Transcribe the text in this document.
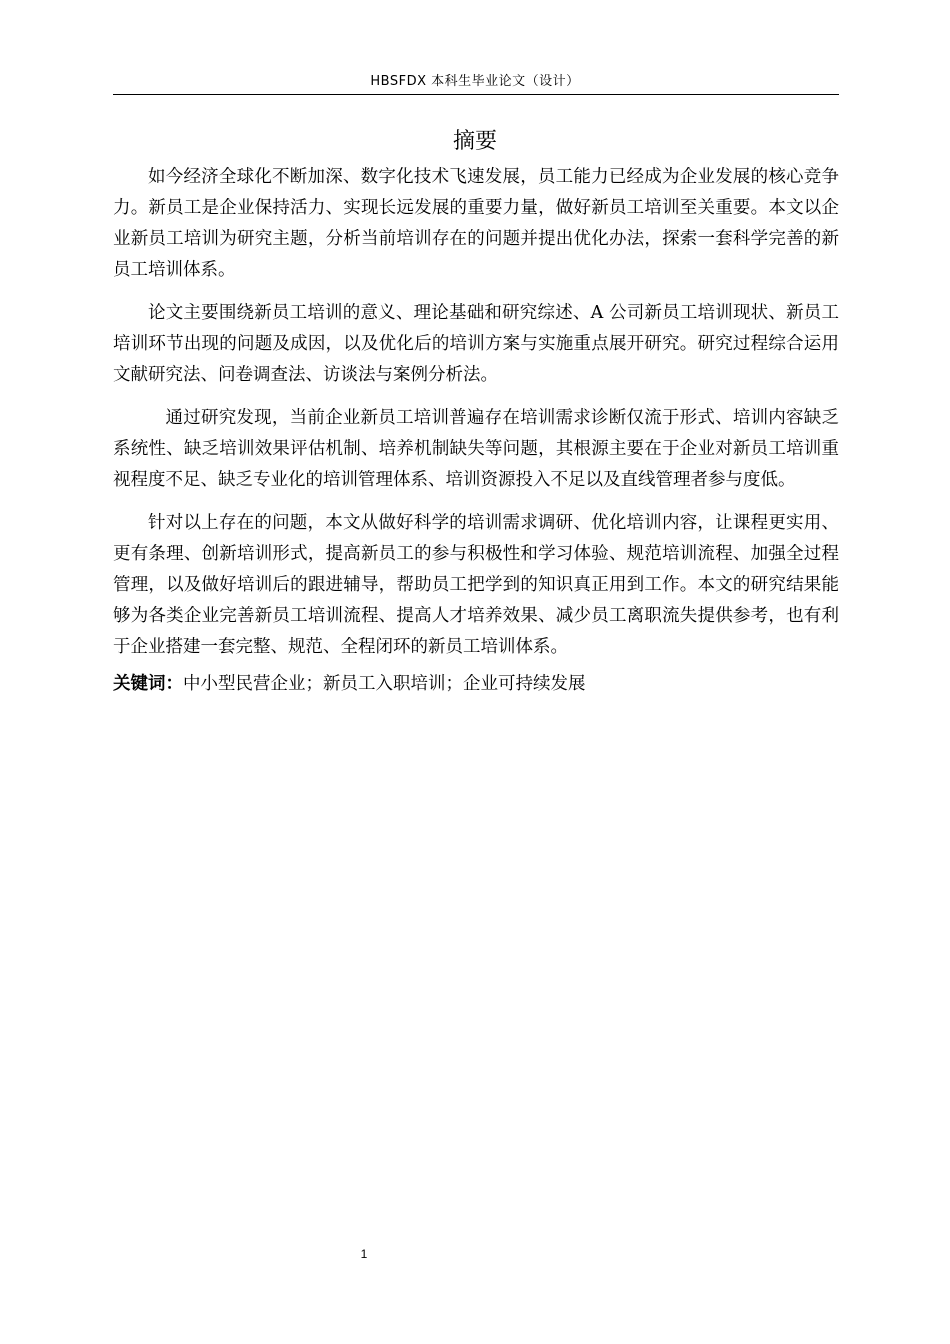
HBSFDX 本科生毕业论文（设计）
摘要

如今经济全球化不断加深、数字化技术飞速发展，员工能力已经成为企业发展的核心竞争力。新员工是企业保持活力、实现长远发展的重要力量，做好新员工培训至关重要。本文以企业新员工培训为研究主题，分析当前培训存在的问题并提出优化办法，探索一套科学完善的新员工培训体系。

论文主要围绕新员工培训的意义、理论基础和研究综述、A 公司新员工培训现状、新员工培训环节出现的问题及成因，以及优化后的培训方案与实施重点展开研究。研究过程综合运用文献研究法、问卷调查法、访谈法与案例分析法。

通过研究发现，当前企业新员工培训普遍存在培训需求诊断仅流于形式、培训内容缺乏系统性、缺乏培训效果评估机制、培养机制缺失等问题，其根源主要在于企业对新员工培训重视程度不足、缺乏专业化的培训管理体系、培训资源投入不足以及直线管理者参与度低。

针对以上存在的问题，本文从做好科学的培训需求调研、优化培训内容，让课程更实用、更有条理、创新培训形式，提高新员工的参与积极性和学习体验、规范培训流程、加强全过程管理，以及做好培训后的跟进辅导，帮助员工把学到的知识真正用到工作。本文的研究结果能够为各类企业完善新员工培训流程、提高人才培养效果、减少员工离职流失提供参考，也有利于企业搭建一套完整、规范、全程闭环的新员工培训体系。

关键词：中小型民营企业；新员工入职培训；企业可持续发展

1
